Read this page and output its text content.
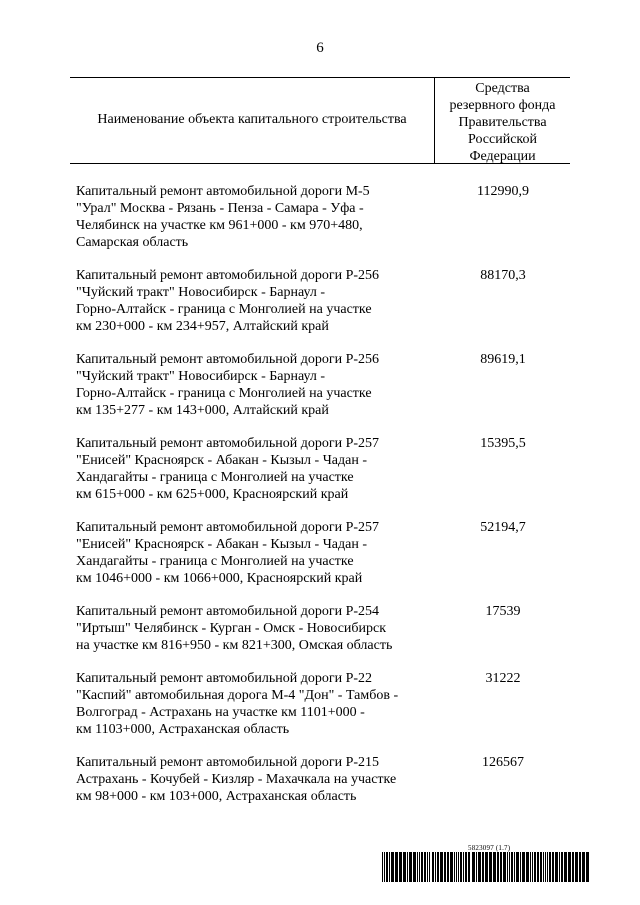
6
Наименование объекта капитального строительства
Средства
резервного фонда
Правительства
Российской
Федерации
Капитальный ремонт автомобильной дороги М-5
"Урал" Москва - Рязань - Пенза - Самара - Уфа -
Челябинск на участке км 961+000 - км 970+480,
Самарская область
112990,9
Капитальный ремонт автомобильной дороги Р-256
"Чуйский тракт" Новосибирск - Барнаул -
Горно-Алтайск - граница с Монголией на участке
км 230+000 - км 234+957, Алтайский край
88170,3
Капитальный ремонт автомобильной дороги Р-256
"Чуйский тракт" Новосибирск - Барнаул -
Горно-Алтайск - граница с Монголией на участке
км 135+277 - км 143+000, Алтайский край
89619,1
Капитальный ремонт автомобильной дороги Р-257
"Енисей" Красноярск - Абакан - Кызыл - Чадан -
Хандагайты - граница с Монголией на участке
км 615+000 - км 625+000, Красноярский край
15395,5
Капитальный ремонт автомобильной дороги Р-257
"Енисей" Красноярск - Абакан - Кызыл - Чадан -
Хандагайты - граница с Монголией на участке
км 1046+000 - км 1066+000, Красноярский край
52194,7
Капитальный ремонт автомобильной дороги Р-254
"Иртыш" Челябинск - Курган - Омск - Новосибирск
на участке км 816+950 - км 821+300, Омская область
17539
Капитальный ремонт автомобильной дороги Р-22
"Каспий" автомобильная дорога М-4 "Дон" - Тамбов -
Волгоград - Астрахань на участке км 1101+000 -
км 1103+000, Астраханская область
31222
Капитальный ремонт автомобильной дороги Р-215
Астрахань - Кочубей - Кизляр - Махачкала на участке
км 98+000 - км 103+000, Астраханская область
126567
5823097 (1.7)
